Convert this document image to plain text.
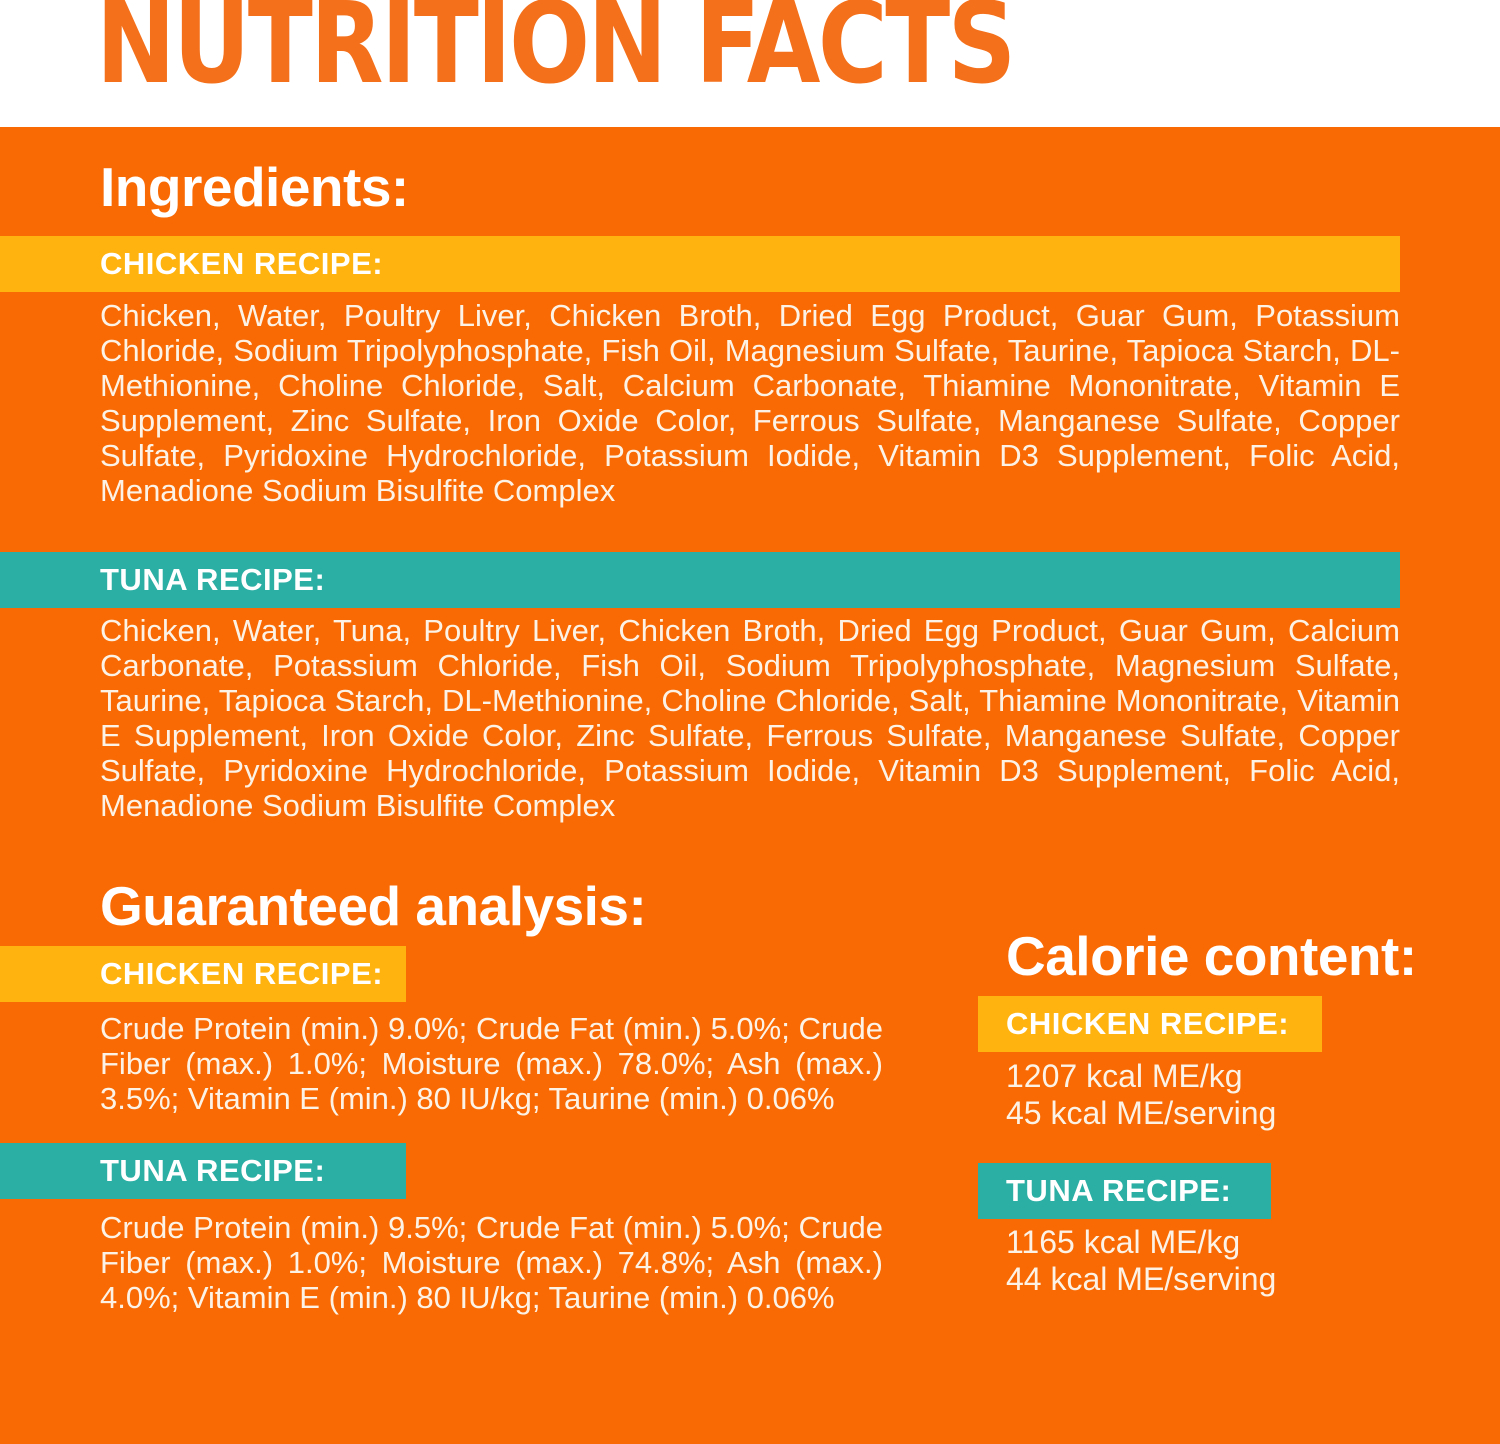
NUTRITION FACTS
Ingredients:
CHICKEN RECIPE:

Chicken, Water, Poultry Liver, Chicken Broth, Dried Egg Product, Guar Gum, Potassium Chloride, Sodium Tripolyphosphate, Fish Oil, Magnesium Sulfate, Taurine, Tapioca Starch, DL-Methionine, Choline Chloride, Salt, Calcium Carbonate, Thiamine Mononitrate, Vitamin E Supplement, Zinc Sulfate, Iron Oxide Color, Ferrous Sulfate, Manganese Sulfate, Copper Sulfate, Pyridoxine Hydrochloride, Potassium Iodide, Vitamin D3 Supplement, Folic Acid, Menadione Sodium Bisulfite Complex

TUNA RECIPE:

Chicken, Water, Tuna, Poultry Liver, Chicken Broth, Dried Egg Product, Guar Gum, Calcium Carbonate, Potassium Chloride, Fish Oil, Sodium Tripolyphosphate, Magnesium Sulfate, Taurine, Tapioca Starch, DL-Methionine, Choline Chloride, Salt, Thiamine Mononitrate, Vitamin E Supplement, Iron Oxide Color, Zinc Sulfate, Ferrous Sulfate, Manganese Sulfate, Copper Sulfate, Pyridoxine Hydrochloride, Potassium Iodide, Vitamin D3 Supplement, Folic Acid, Menadione Sodium Bisulfite Complex

Guaranteed analysis:
CHICKEN RECIPE:

Crude Protein (min.) 9.0%; Crude Fat (min.) 5.0%; Crude Fiber (max.) 1.0%; Moisture (max.) 78.0%; Ash (max.) 3.5%; Vitamin E (min.) 80 IU/kg; Taurine (min.) 0.06%

TUNA RECIPE:

Crude Protein (min.) 9.5%; Crude Fat (min.) 5.0%; Crude Fiber (max.) 1.0%; Moisture (max.) 74.8%; Ash (max.) 4.0%; Vitamin E (min.) 80 IU/kg; Taurine (min.) 0.06%

Calorie content:
CHICKEN RECIPE:
1207 kcal ME/kg
45 kcal ME/serving
TUNA RECIPE:
1165 kcal ME/kg
44 kcal ME/serving
